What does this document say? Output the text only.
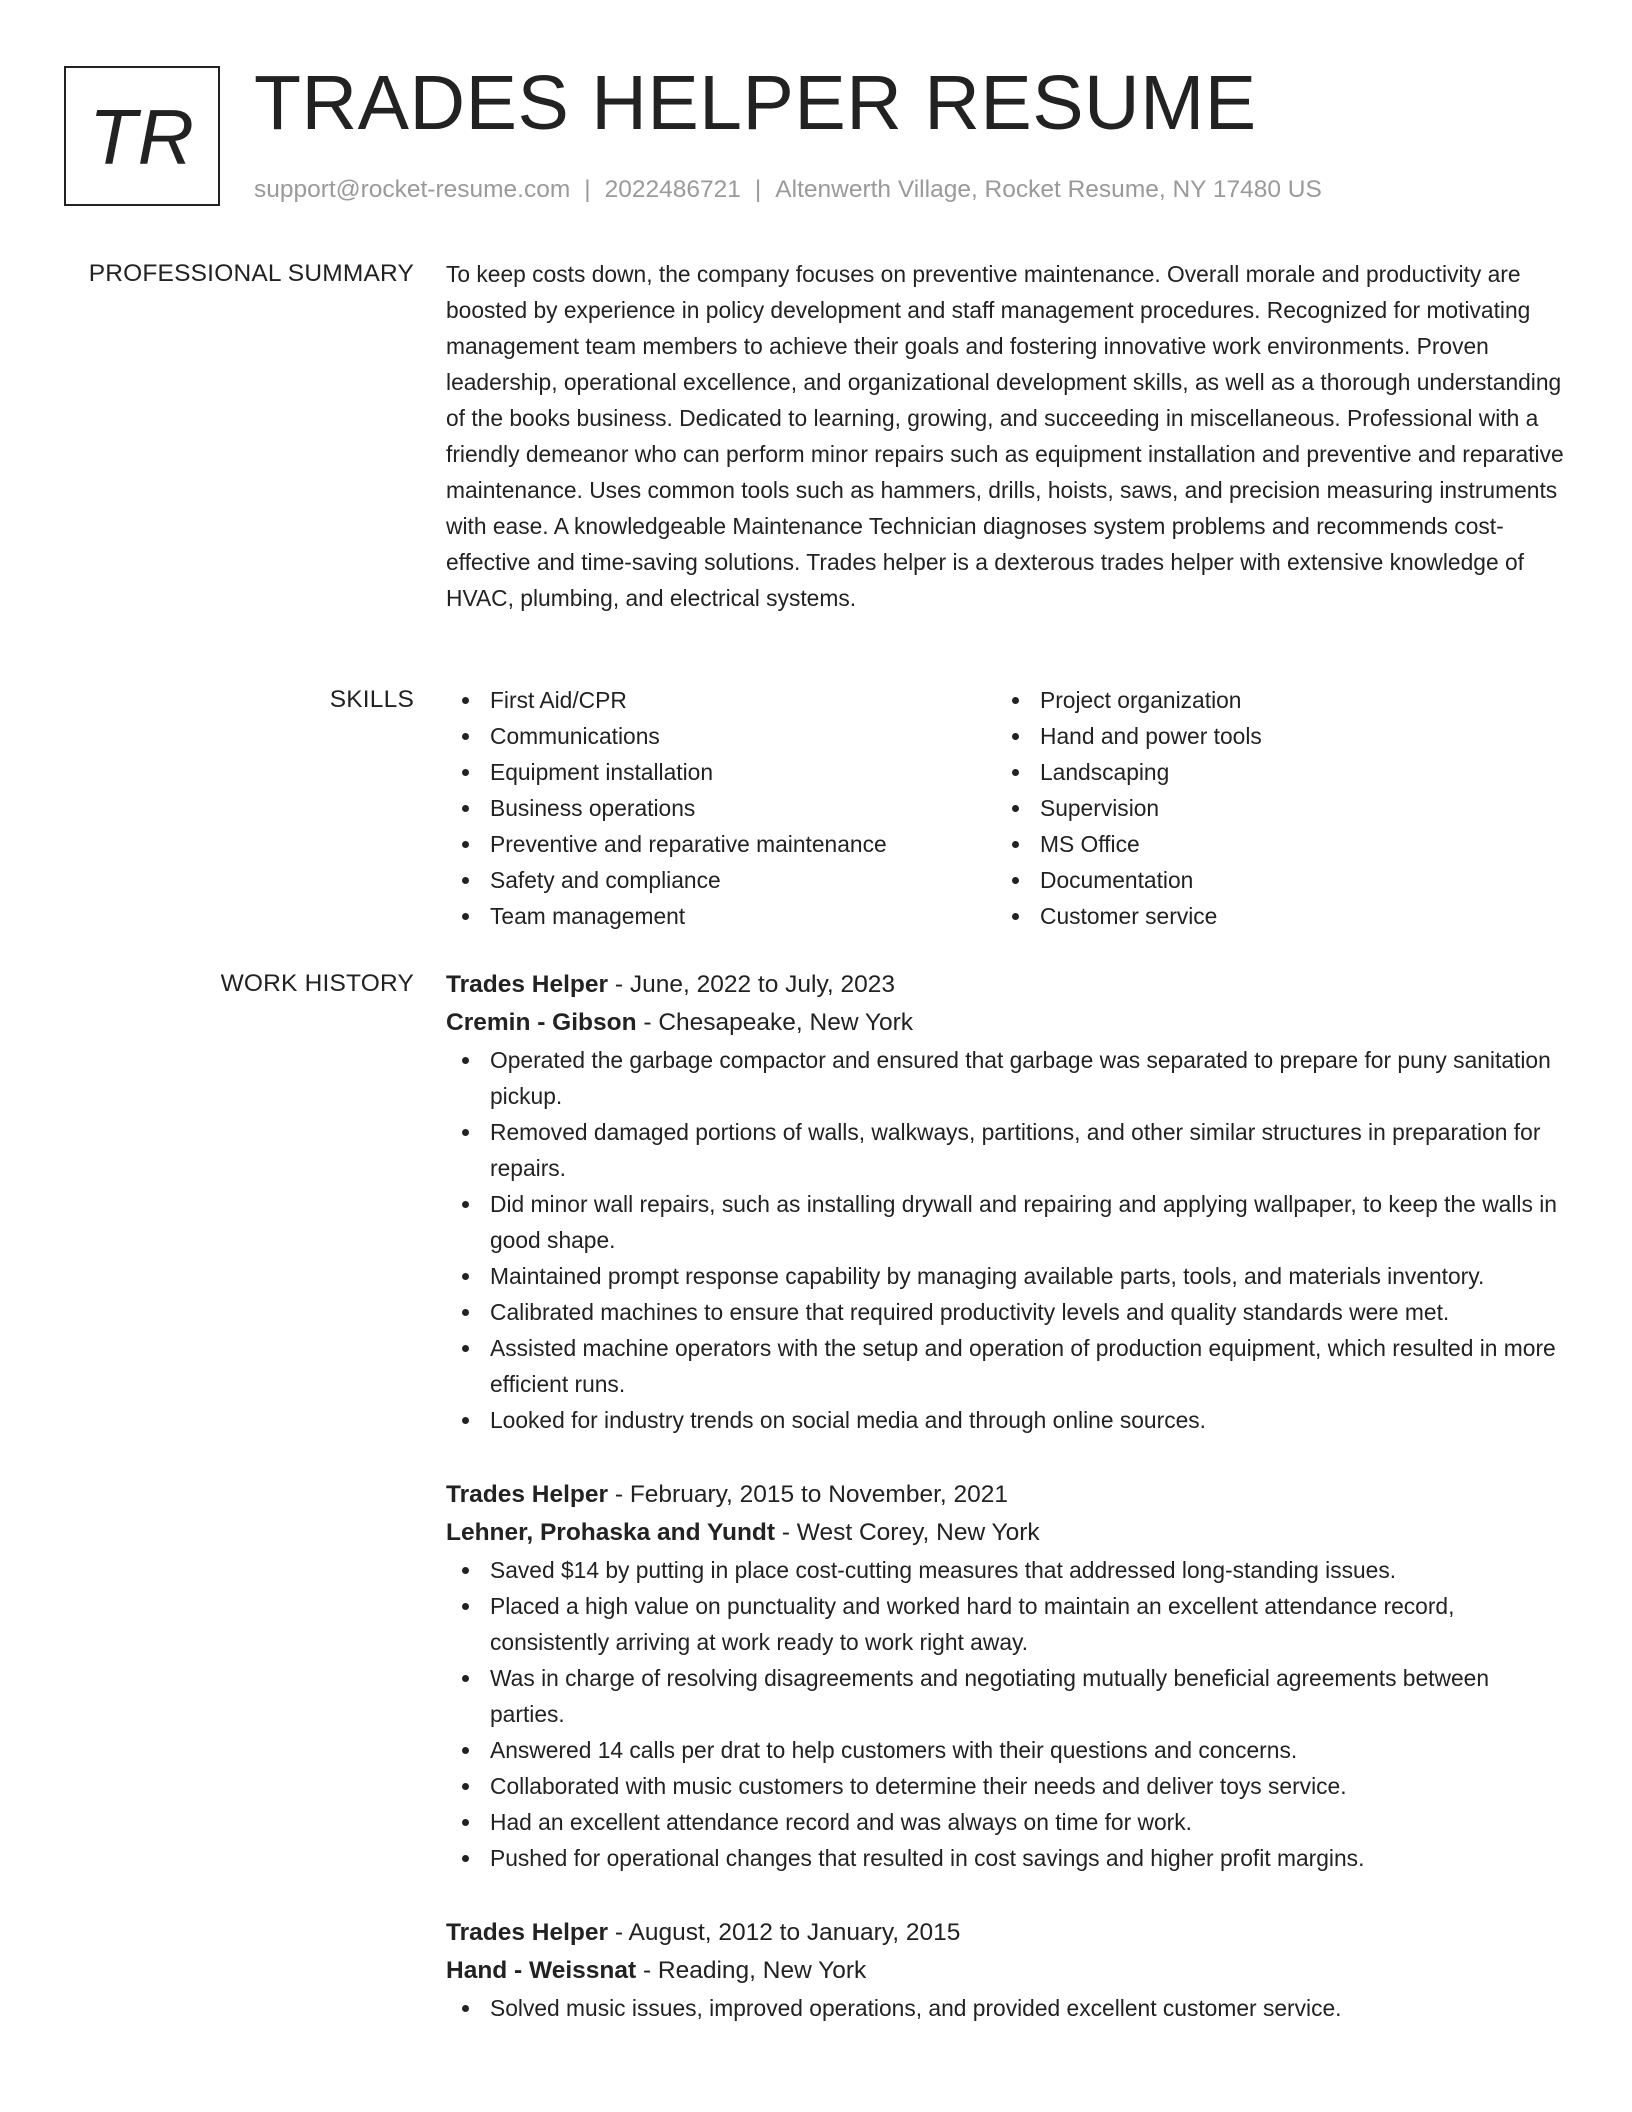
TR TRADES HELPER RESUME
support@rocket-resume.com | 2022486721 | Altenwerth Village, Rocket Resume, NY 17480 US
PROFESSIONAL SUMMARY To keep costs down, the company focuses on preventive maintenance. Overall morale and productivity are boosted by experience in policy development and staff management procedures. Recognized for motivating management team members to achieve their goals and fostering innovative work environments. Proven leadership, operational excellence, and organizational development skills, as well as a thorough understanding of the books business. Dedicated to learning, growing, and succeeding in miscellaneous. Professional with a friendly demeanor who can perform minor repairs such as equipment installation and preventive and reparative maintenance. Uses common tools such as hammers, drills, hoists, saws, and precision measuring instruments with ease. A knowledgeable Maintenance Technician diagnoses system problems and recommends cost-effective and time-saving solutions. Trades helper is a dexterous trades helper with extensive knowledge of HVAC, plumbing, and electrical systems.

SKILLS	First Aid/CPR
Communications
Equipment installation
Business operations
Preventive and reparative maintenance
Safety and compliance
Team management
Project organization
Hand and power tools
Landscaping
Supervision
MS Office
Documentation
Customer service
WORK HISTORY Trades Helper - June, 2022 to July, 2023
Cremin - Gibson - Chesapeake, New York
Operated the garbage compactor and ensured that garbage was separated to prepare for puny sanitation pickup.
Removed damaged portions of walls, walkways, partitions, and other similar structures in preparation for repairs.
Did minor wall repairs, such as installing drywall and repairing and applying wallpaper, to keep the walls in good shape.
Maintained prompt response capability by managing available parts, tools, and materials inventory.
Calibrated machines to ensure that required productivity levels and quality standards were met.
Assisted machine operators with the setup and operation of production equipment, which resulted in more efficient runs.
Looked for industry trends on social media and through online sources.
Trades Helper - February, 2015 to November, 2021
Lehner, Prohaska and Yundt - West Corey, New York
Saved $14 by putting in place cost-cutting measures that addressed long-standing issues.
Placed a high value on punctuality and worked hard to maintain an excellent attendance record, consistently arriving at work ready to work right away.
Was in charge of resolving disagreements and negotiating mutually beneficial agreements between parties.
Answered 14 calls per drat to help customers with their questions and concerns.
Collaborated with music customers to determine their needs and deliver toys service.
Had an excellent attendance record and was always on time for work.
Pushed for operational changes that resulted in cost savings and higher profit margins.
Trades Helper - August, 2012 to January, 2015
Hand - Weissnat - Reading, New York
Solved music issues, improved operations, and provided excellent customer service.
